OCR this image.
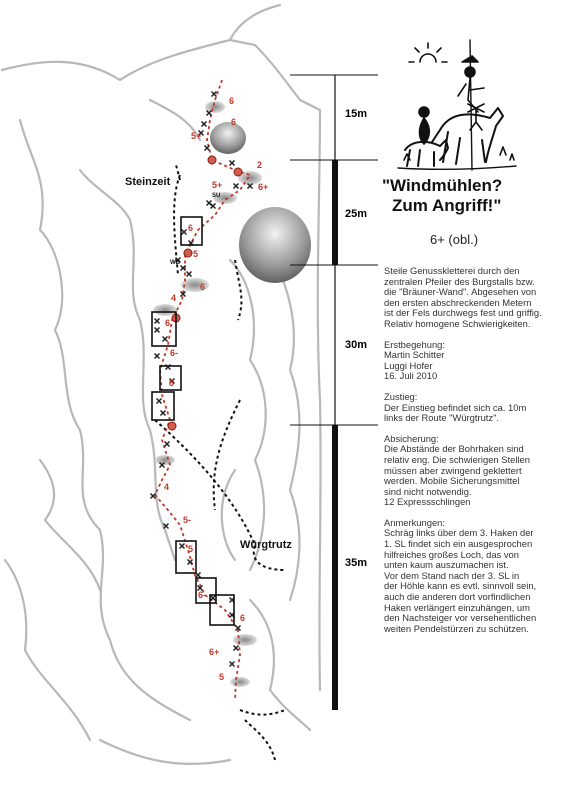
6
6
5+
2
6+
5+
6
5
6
4
6
6-
5
4
5-
5
6-
6
6+
5
SU
WB
Steinzeit
Würgtrutz
15m
25m
30m
35m
"Windmühlen?
Zum Angriff!"
6+ (obl.)
Steile Genusskletterei durch den
zentralen Pfeiler des Burgstalls bzw.
die "Bräuner-Wand". Abgesehen von
den ersten abschreckenden Metern
ist der Fels durchwegs fest und griffig.
Relativ homogene Schwierigkeiten.
Erstbegehung:
Martin Schitter
Luggi Hofer
16. Juli 2010
Zustieg:
Der Einstieg befindet sich ca. 10m
links der Route "Würgtrutz".
Absicherung:
Die Abstände der Bohrhaken sind
relativ eng. Die schwierigen Stellen
müssen aber zwingend geklettert
werden. Mobile Sicherungsmittel
sind nicht notwendig.
12 Expressschlingen
Anmerkungen:
Schräg links über dem 3. Haken der
1. SL findet sich ein ausgesprochen
hilfreiches großes Loch, das von
unten kaum auszumachen ist.
Vor dem Stand nach der 3. SL in
der Höhle kann es evtl. sinnvoll sein,
auch die anderen dort vorfindlichen
Haken verlängert einzuhängen, um
den Nachsteiger vor versehentlichen
weiten Pendelstürzen zu schützen.
